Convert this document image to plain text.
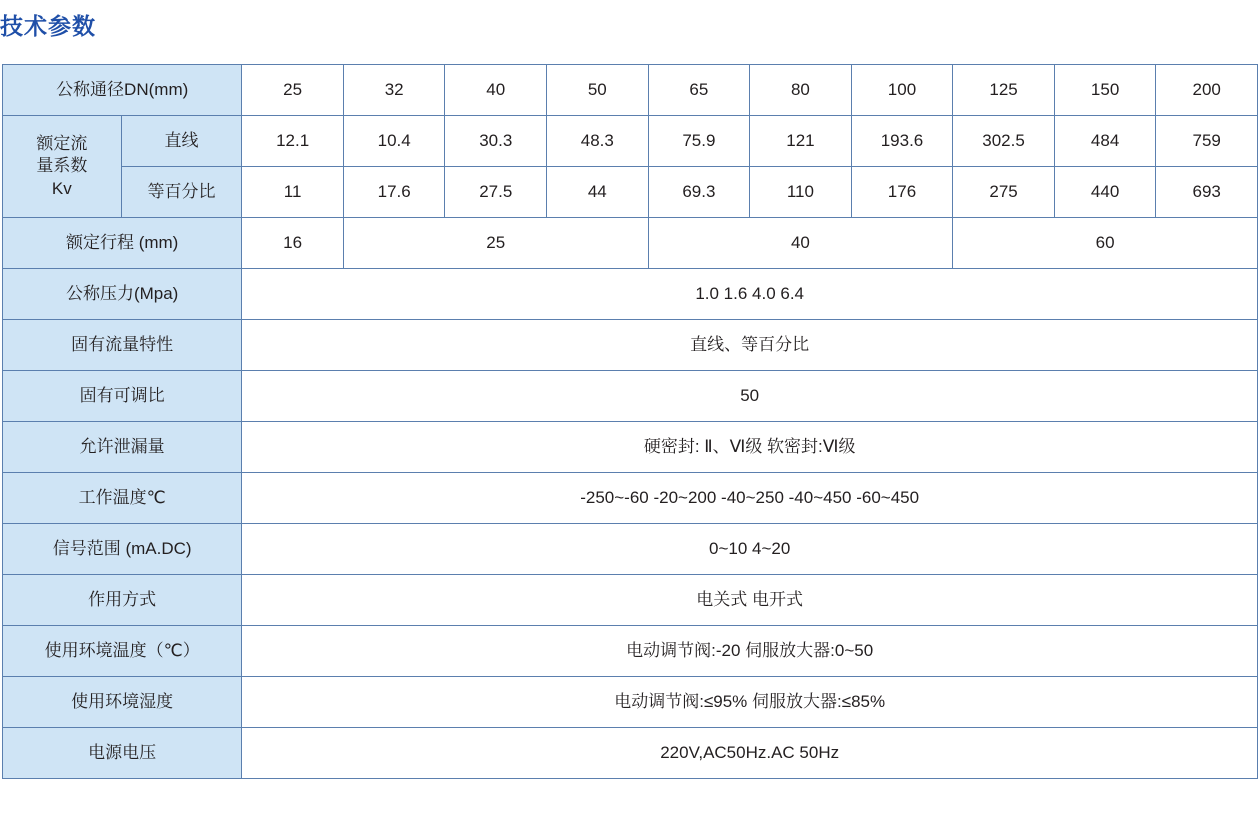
技术参数
公称通径DN(mm)		25	32	40	50	65	80	100	125	150	200

额定流
量系数
Kv	直线	12.1	10.4	30.3	48.3	75.9	121	193.6	302.5	484	759
	等百分比	11	17.6	27.5	44	69.3	110	176	275	440	693
额定行程 (mm)		16	25			40			60		
公称压力(Mpa)		1.0 1.6 4.0 6.4									
固有流量特性		直线、等百分比									
固有可调比		50									
允许泄漏量		硬密封: Ⅱ、Ⅵ级 软密封:Ⅵ级									
工作温度℃		-250~-60 -20~200 -40~250 -40~450 -60~450									
信号范围 (mA.DC)		0~10 4~20									
作用方式		电关式 电开式									
使用环境温度（℃）		电动调节阀:-20 伺服放大器:0~50									
使用环境湿度		电动调节阀:≤95% 伺服放大器:≤85%									
电源电压		220V,AC50Hz.AC 50Hz									
